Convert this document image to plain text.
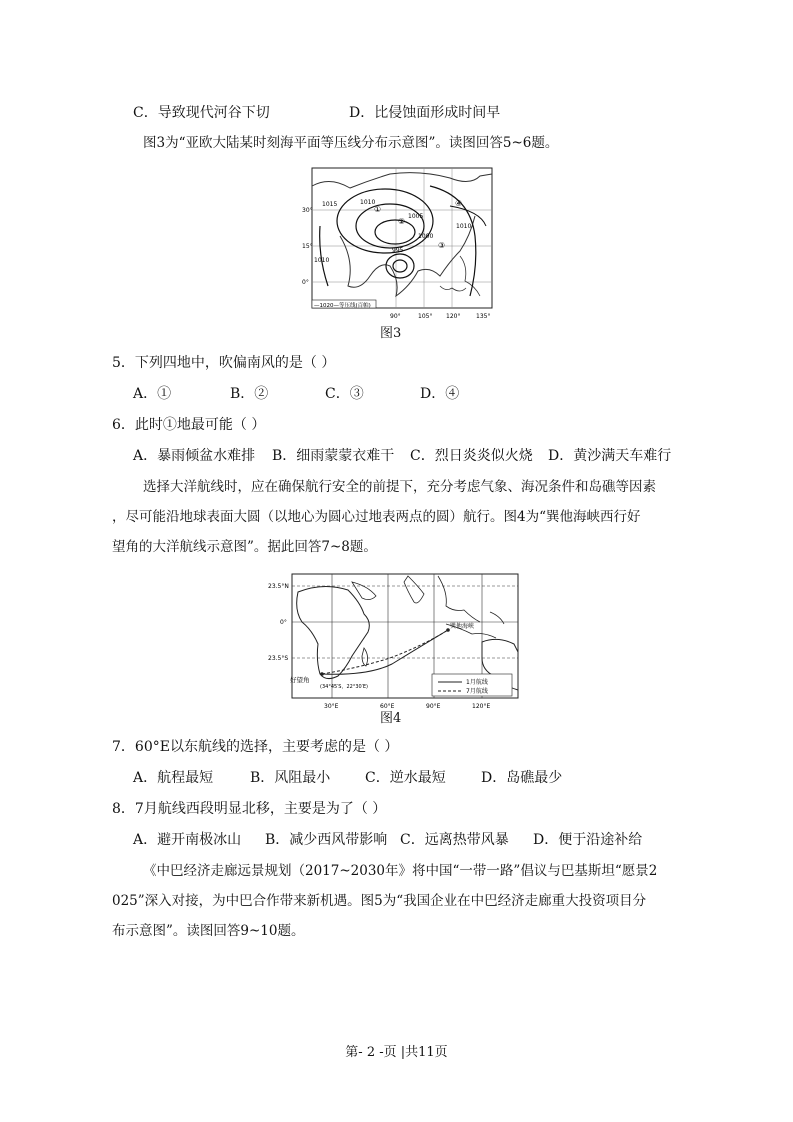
C．导致现代河谷下切	D．比侵蚀面形成时间早
图3为“亚欧大陆某时刻海平面等压线分布示意图”。读图回答5~6题。
1015	1010
1005
1000
995
1010
1010
①
②
③
④
30°
15°
0°
—1020—等压线(百帕)
90°	105° 120°	135°
图3
5．下列四地中，吹偏南风的是（ ）
A．①	B．②	C．③	D．④
6．此时①地最可能（ ）
A．暴雨倾盆水难排 B．细雨蒙蒙衣难干 C．烈日炎炎似火烧 D．黄沙满天车难行
选择大洋航线时，应在确保航行安全的前提下，充分考虑气象、海况条件和岛礁等因素
，尽可能沿地球表面大圆（以地心为圆心过地表两点的圆）航行。图4为“巽他海峡西行好
望角的大洋航线示意图”。据此回答7~8题。
23.5°N
0°
23.5°S
好望角
(34°45′S，22°30′E)
巽他海峡
1月航线
7月航线
30°E	60°E	90°E	120°E
图4
7．60°E以东航线的选择，主要考虑的是（ ）
A．航程最短	B．风阻最小 C．逆水最短	D．岛礁最少
8．7月航线西段明显北移，主要是为了（ ）
A．避开南极冰山 B．减少西风带影响 C．远离热带风暴 D．便于沿途补给
《中巴经济走廊远景规划（2017~2030年》将中国“一带一路”倡议与巴基斯坦“愿景2
025”深入对接，为中巴合作带来新机遇。图5为“我国企业在中巴经济走廊重大投资项目分
布示意图”。读图回答9~10题。
第- 2 -页 |共11页
